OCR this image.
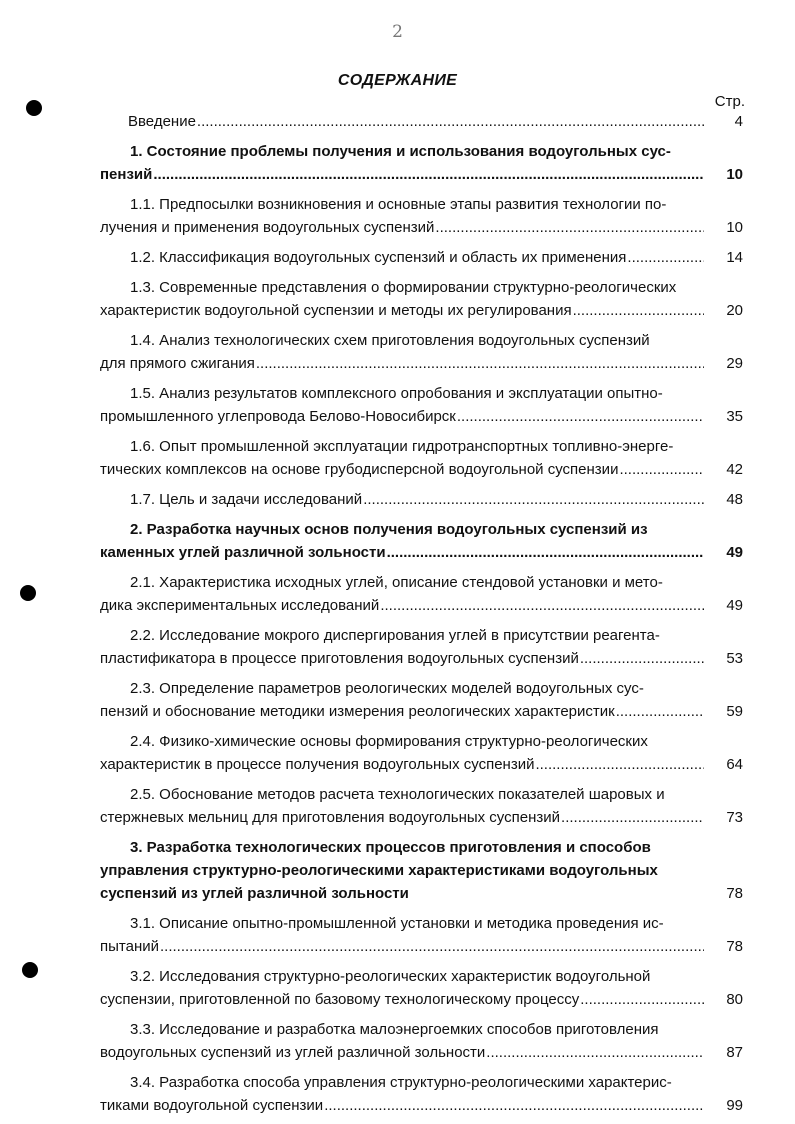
2
СОДЕРЖАНИЕ
Стр.
Введение .....	4
1. Состояние проблемы получения и использования водоугольных сус-
пензий .....	10
1.1. Предпосылки возникновения и основные этапы развития технологии по-
лучения и применения водоугольных суспензий .....	10
1.2. Классификация водоугольных суспензий и область их применения .....	14
1.3. Современные представления о формировании структурно-реологических
характеристик водоугольной суспензии и методы их регулирования .....	20
1.4. Анализ технологических схем приготовления водоугольных суспензий
для прямого сжигания .....	29
1.5. Анализ результатов комплексного опробования и эксплуатации опытно-
промышленного углепровода Белово-Новосибирск .....	35
1.6. Опыт промышленной эксплуатации гидротранспортных топливно-энерге-
тических комплексов на основе грубодисперсной водоугольной суспензии .....	42
1.7. Цель и задачи исследований .....	48
2. Разработка научных основ получения водоугольных суспензий из
каменных углей различной зольности .....	49
2.1. Характеристика исходных углей, описание стендовой установки и мето-
дика экспериментальных исследований .....	49
2.2. Исследование мокрого диспергирования углей в присутствии реагента-
пластификатора в процессе приготовления водоугольных суспензий .....	53
2.3. Определение параметров реологических моделей водоугольных сус-
пензий и обоснование методики измерения реологических характеристик .....	59
2.4. Физико-химические основы формирования структурно-реологических
характеристик в процессе получения водоугольных суспензий .....	64
2.5. Обоснование методов расчета технологических показателей шаровых и
стержневых мельниц для приготовления водоугольных суспензий .....	73
3. Разработка технологических процессов приготовления и способов
управления структурно-реологическими характеристиками водоугольных
суспензий из углей различной зольности	78
3.1. Описание опытно-промышленной установки и методика проведения ис-
пытаний .....	78
3.2. Исследования структурно-реологических характеристик водоугольной
суспензии, приготовленной по базовому технологическому процессу .....	80
3.3. Исследование и разработка малоэнергоемких способов приготовления
водоугольных суспензий из углей различной зольности .....	87
3.4. Разработка способа управления структурно-реологическими характерис-
тиками водоугольной суспензии .....	99
